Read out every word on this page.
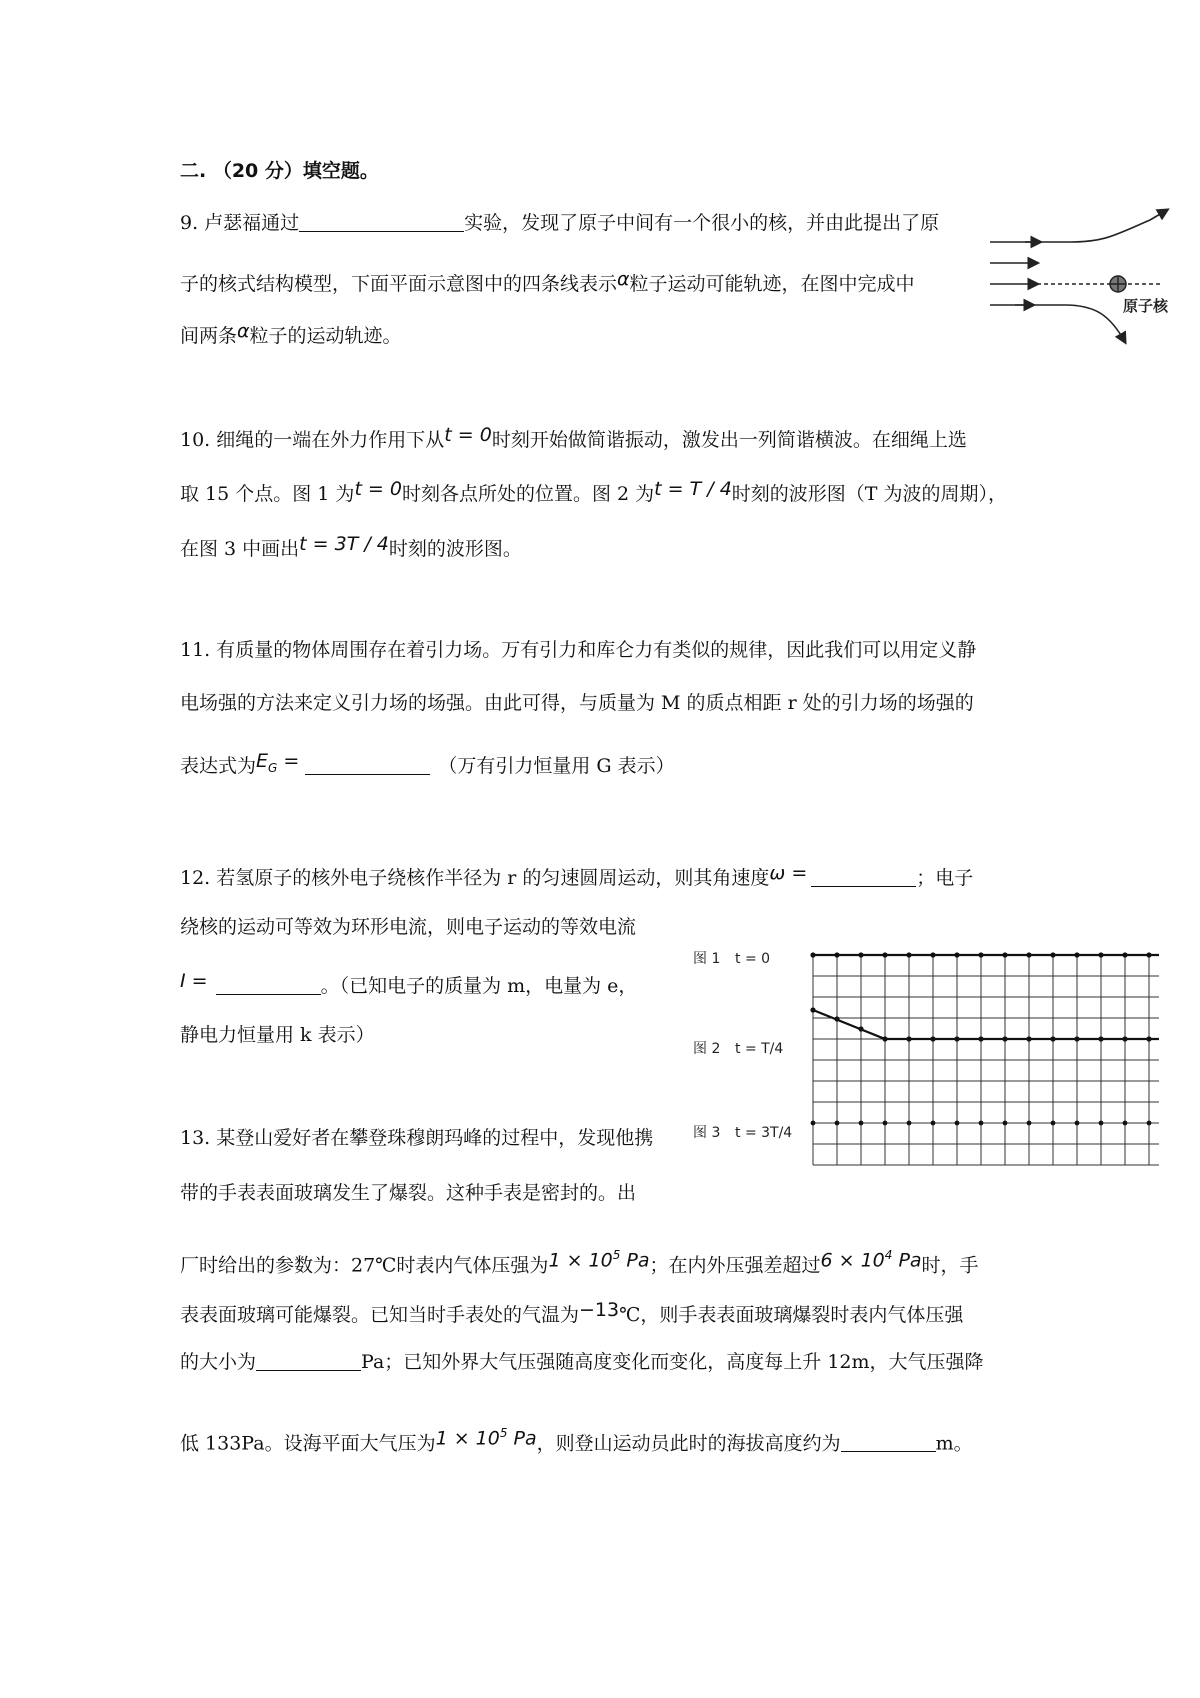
二. （20 分）填空题。
9. 卢瑟福通过	实验，发现了原子中间有一个很小的核，并由此提出了原
子的核式结构模型，下面平面示意图中的四条线表示α粒子运动可能轨迹，在图中完成中
间两条α粒子的运动轨迹。
原子核
10. 细绳的一端在外力作用下从t = 0时刻开始做简谐振动，激发出一列简谐横波。在细绳上选
取 15 个点。图 1 为t = 0时刻各点所处的位置。图 2 为t = T / 4时刻的波形图（T 为波的周期），
在图 3 中画出t = 3T / 4时刻的波形图。
11. 有质量的物体周围存在着引力场。万有引力和库仑力有类似的规律，因此我们可以用定义静
电场强的方法来定义引力场的场强。由此可得，与质量为 M 的质点相距 r 处的引力场的场强的
表达式为$E_G$ =	（万有引力恒量用 G 表示）
12. 若氢原子的核外电子绕核作半径为 r 的匀速圆周运动，则其角速度ω =	；电子
绕核的运动可等效为环形电流，则电子运动的等效电流
I =	。（已知电子的质量为 m，电量为 e，
静电力恒量用 k 表示）
图 1 t = 0
图 2 t = T/4
图 3 t = 3T/4
13. 某登山爱好者在攀登珠穆朗玛峰的过程中，发现他携
带的手表表面玻璃发生了爆裂。这种手表是密封的。出
厂时给出的参数为：27℃时表内气体压强为$1 \times 10^5$ Pa；在内外压强差超过$6 \times 10^4$ Pa时，手
表表面玻璃可能爆裂。已知当时手表处的气温为−13℃，则手表表面玻璃爆裂时表内气体压强
的大小为	Pa；已知外界大气压强随高度变化而变化，高度每上升 12m，大气压强降
低 133Pa。设海平面大气压为$1 \times 10^5$ Pa，则登山运动员此时的海拔高度约为	m。
